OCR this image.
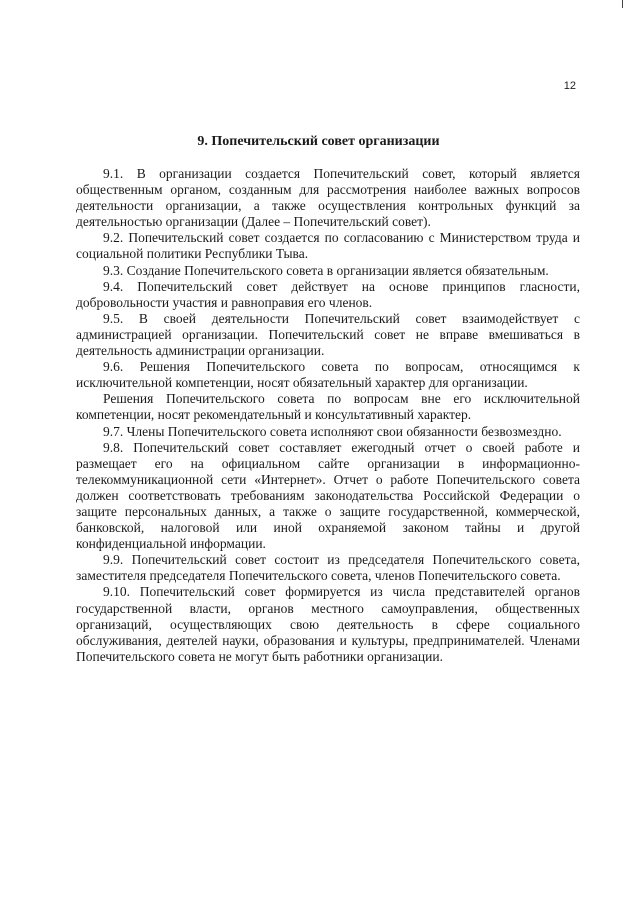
12
9. Попечительский совет организации

9.1. В организации создается Попечительский совет, который является общественным органом, созданным для рассмотрения наиболее важных вопросов деятельности организации, а также осуществления контрольных функций за деятельностью организации (Далее – Попечительский совет).

9.2. Попечительский совет создается по согласованию с Министерством труда и социальной политики Республики Тыва.

9.3. Создание Попечительского совета в организации является обязательным.

9.4. Попечительский совет действует на основе принципов гласности, добровольности участия и равноправия его членов.

9.5. В своей деятельности Попечительский совет взаимодействует с администрацией организации. Попечительский совет не вправе вмешиваться в деятельность администрации организации.

9.6. Решения Попечительского совета по вопросам, относящимся к исключительной компетенции, носят обязательный характер для организации.

Решения Попечительского совета по вопросам вне его исключительной компетенции, носят рекомендательный и консультативный характер.

9.7. Члены Попечительского совета исполняют свои обязанности безвозмездно.

9.8. Попечительский совет составляет ежегодный отчет о своей работе и размещает его на официальном сайте организации в информационно-телекоммуникационной сети «Интернет». Отчет о работе Попечительского совета должен соответствовать требованиям законодательства Российской Федерации о защите персональных данных, а также о защите государственной, коммерческой, банковской, налоговой или иной охраняемой законом тайны и другой конфиденциальной информации.

9.9. Попечительский совет состоит из председателя Попечительского совета, заместителя председателя Попечительского совета, членов Попечительского совета.

9.10. Попечительский совет формируется из числа представителей органов государственной власти, органов местного самоуправления, общественных организаций, осуществляющих свою деятельность в сфере социального обслуживания, деятелей науки, образования и культуры, предпринимателей. Членами Попечительского совета не могут быть работники организации.
